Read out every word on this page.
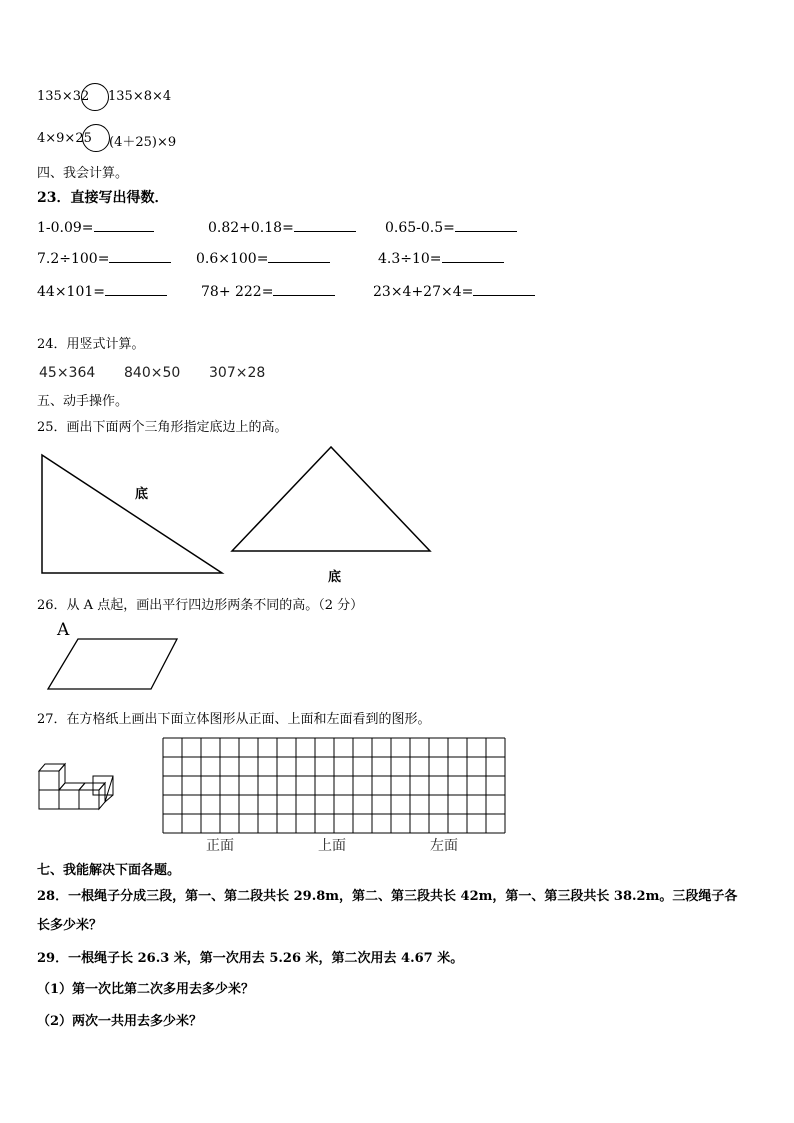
135×32 135×8×4
4×9×25 (4＋25)×9
四、我会计算。
23．直接写出得数．
1-0.09=	0.82+0.18=	0.65-0.5=
7.2÷100=	0.6×100=	4.3÷10=
44×101=	78+ 222=	23×4+27×4=
24．用竖式计算。
45×364 840×50 307×28
五、动手操作。
25．画出下面两个三角形指定底边上的高。
底
底
26．从 A 点起，画出平行四边形两条不同的高。（2 分）
A
27．在方格纸上画出下面立体图形从正面、上面和左面看到的图形。
正面	上面	左面
七、我能解决下面各题。
28．一根绳子分成三段，第一、第二段共长 29.8m，第二、第三段共长 42m，第一、第三段共长 38.2m。三段绳子各
长多少米？
29．一根绳子长 26.3 米，第一次用去 5.26 米，第二次用去 4.67 米。
（1）第一次比第二次多用去多少米？
（2）两次一共用去多少米？
